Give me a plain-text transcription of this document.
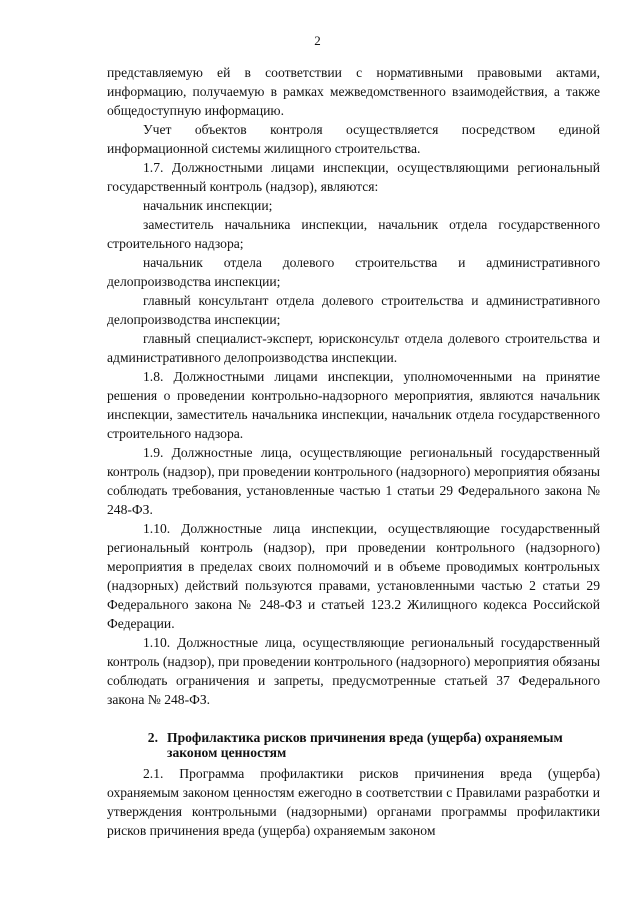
2

представляемую ей в соответствии с нормативными правовыми актами, информацию, получаемую в рамках межведомственного взаимодействия, а также общедоступную информацию.

Учет объектов контроля осуществляется посредством единой информационной системы жилищного строительства.

1.7. Должностными лицами инспекции, осуществляющими региональный государственный контроль (надзор), являются:

начальник инспекции;

заместитель начальника инспекции, начальник отдела государственного строительного надзора;

начальник отдела долевого строительства и административного делопроизводства инспекции;

главный консультант отдела долевого строительства и административного делопроизводства инспекции;

главный специалист-эксперт, юрисконсульт отдела долевого строительства и административного делопроизводства инспекции.

1.8. Должностными лицами инспекции, уполномоченными на принятие решения о проведении контрольно-надзорного мероприятия, являются начальник инспекции, заместитель начальника инспекции, начальник отдела государственного строительного надзора.

1.9. Должностные лица, осуществляющие региональный государственный контроль (надзор), при проведении контрольного (надзорного) мероприятия обязаны соблюдать требования, установленные частью 1 статьи 29 Федерального закона № 248-ФЗ.

1.10. Должностные лица инспекции, осуществляющие государственный региональный контроль (надзор), при проведении контрольного (надзорного) мероприятия в пределах своих полномочий и в объеме проводимых контрольных (надзорных) действий пользуются правами, установленными частью 2 статьи 29 Федерального закона № 248-ФЗ и статьей 123.2 Жилищного кодекса Российской Федерации.

1.10. Должностные лица, осуществляющие региональный государственный контроль (надзор), при проведении контрольного (надзорного) мероприятия обязаны соблюдать ограничения и запреты, предусмотренные статьей 37 Федерального закона № 248-ФЗ.

2. Профилактика рисков причинения вреда (ущерба) охраняемым
законом ценностям

2.1. Программа профилактики рисков причинения вреда (ущерба) охраняемым законом ценностям ежегодно в соответствии с Правилами разработки и утверждения контрольными (надзорными) органами программы профилактики рисков причинения вреда (ущерба) охраняемым законом
